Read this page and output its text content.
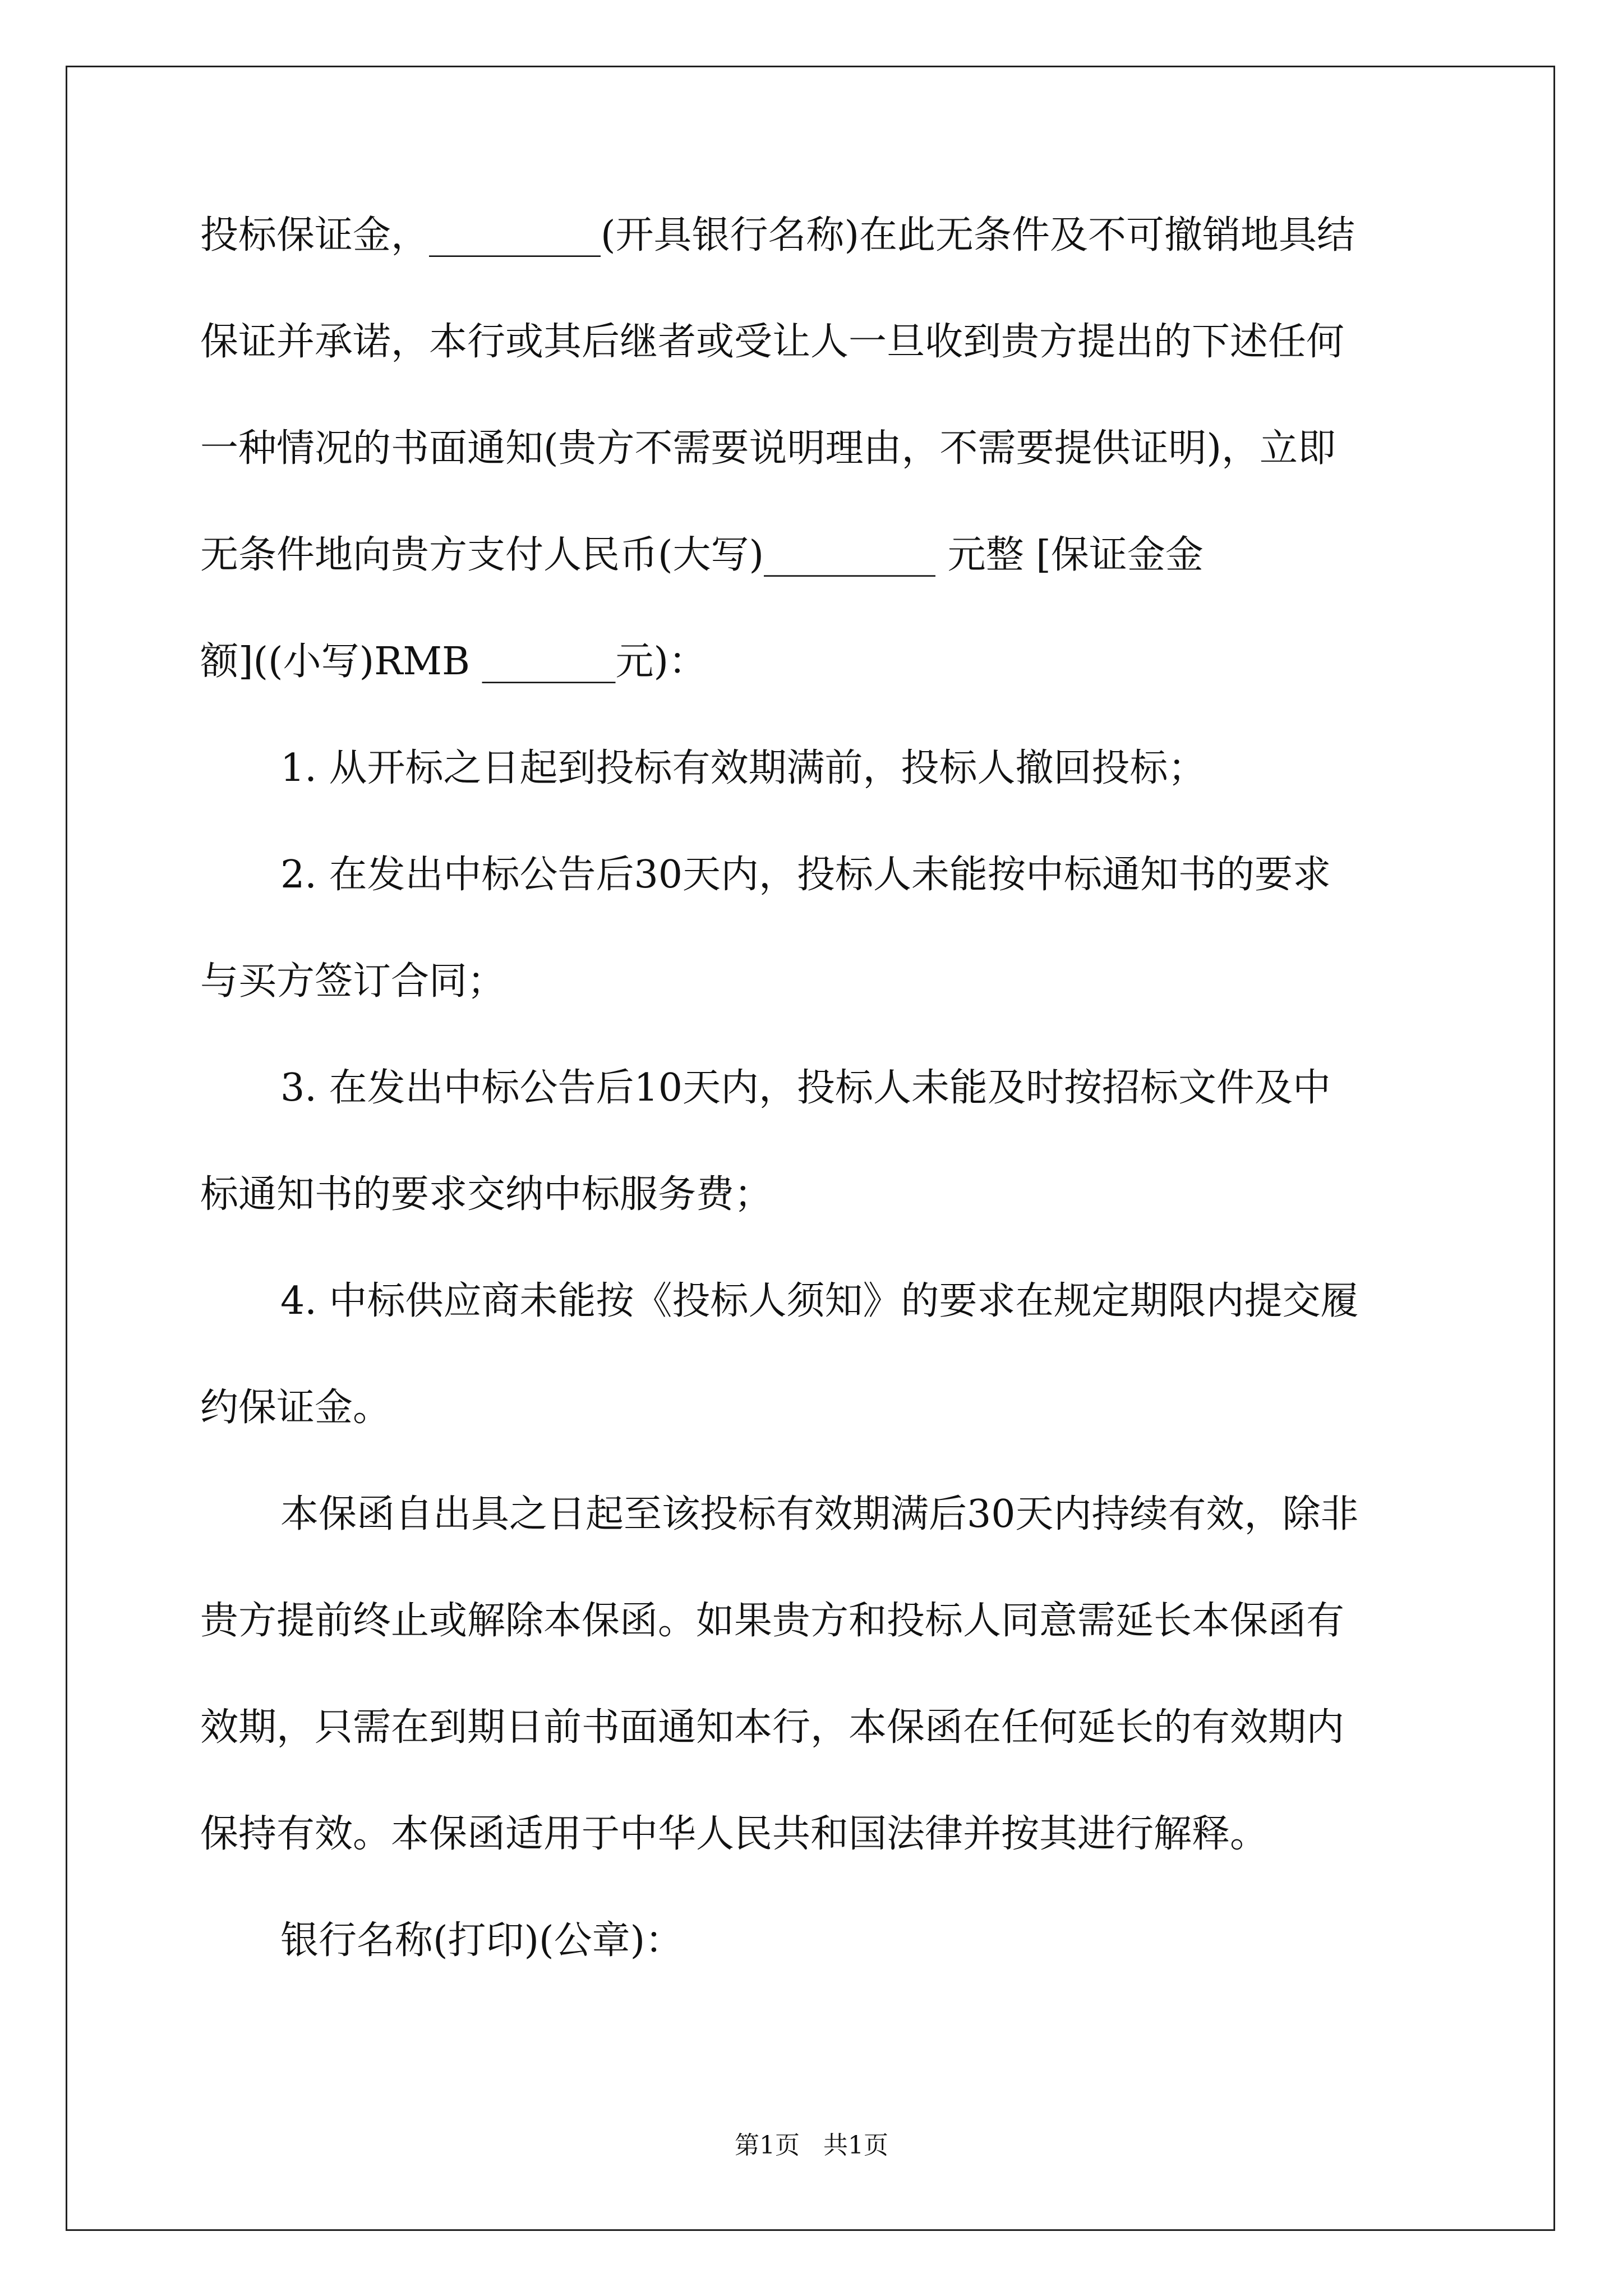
投标保证金，_________(开具银行名称)在此无条件及不可撤销地具结
保证并承诺，本行或其后继者或受让人一旦收到贵方提出的下述任何
一种情况的书面通知(贵方不需要说明理由，不需要提供证明)，立即
无条件地向贵方支付人民币(大写)_________ 元整 [保证金金
额]((小写)RMB _______元)：
1. 从开标之日起到投标有效期满前，投标人撤回投标；
2. 在发出中标公告后30天内，投标人未能按中标通知书的要求
与买方签订合同；
3. 在发出中标公告后10天内，投标人未能及时按招标文件及中
标通知书的要求交纳中标服务费；
4. 中标供应商未能按《投标人须知》的要求在规定期限内提交履
约保证金。
本保函自出具之日起至该投标有效期满后30天内持续有效，除非
贵方提前终止或解除本保函。如果贵方和投标人同意需延长本保函有
效期，只需在到期日前书面通知本行，本保函在任何延长的有效期内
保持有效。本保函适用于中华人民共和国法律并按其进行解释。
银行名称(打印)(公章)：
第1页   共1页
